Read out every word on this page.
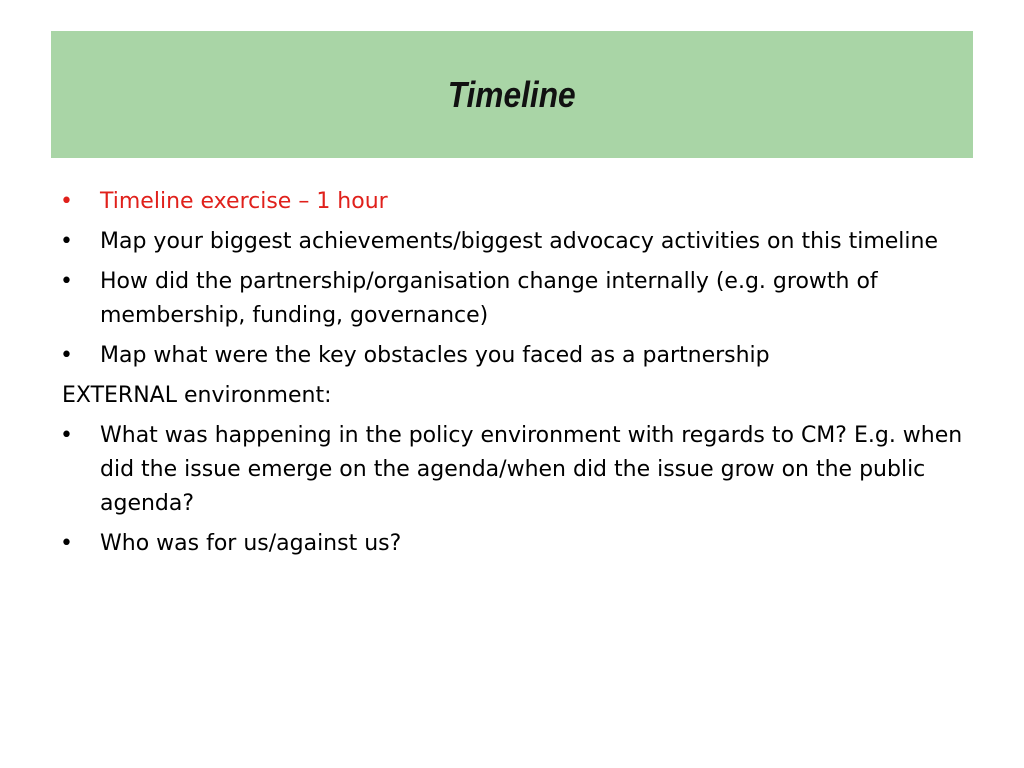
Timeline
•	Timeline exercise – 1 hour
•	Map your biggest achievements/biggest advocacy activities on this timeline
•	How did the partnership/organisation change internally (e.g. growth of membership, funding, governance)
•	Map what were the key obstacles you faced as a partnership
EXTERNAL environment:
•	What was happening in the policy environment with regards to CM? E.g. when did the issue emerge on the agenda/when did the issue grow on the public agenda?
•	Who was for us/against us?
